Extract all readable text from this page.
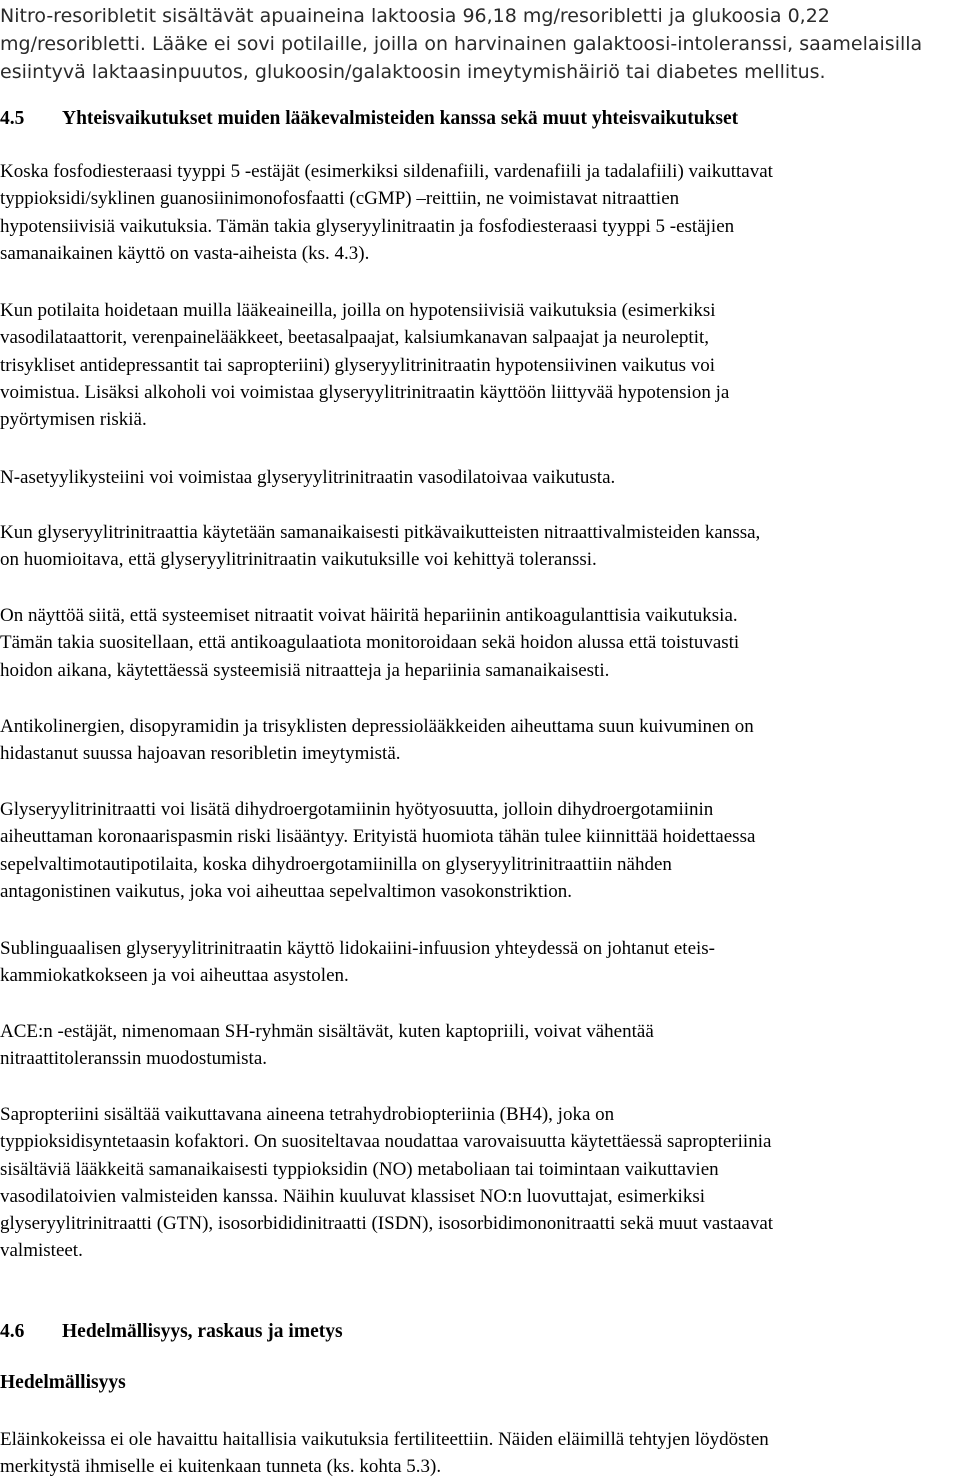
Nitro-resoribletit sisältävät apuaineina laktoosia 96,18 mg/resoribletti ja glukoosia 0,22
mg/resoribletti. Lääke ei sovi potilaille, joilla on harvinainen galaktoosi-intoleranssi, saamelaisilla
esiintyvä laktaasinpuutos, glukoosin/galaktoosin imeytymishäiriö tai diabetes mellitus.
4.5 Yhteisvaikutukset muiden lääkevalmisteiden kanssa sekä muut yhteisvaikutukset
Koska fosfodiesteraasi tyyppi 5 -estäjät (esimerkiksi sildenafiili, vardenafiili ja tadalafiili) vaikuttavat
typpioksidi/syklinen guanosiinimonofosfaatti (cGMP) –reittiin, ne voimistavat nitraattien
hypotensiivisiä vaikutuksia. Tämän takia glyseryylinitraatin ja fosfodiesteraasi tyyppi 5 -estäjien
samanaikainen käyttö on vasta-aiheista (ks. 4.3).
Kun potilaita hoidetaan muilla lääkeaineilla, joilla on hypotensiivisiä vaikutuksia (esimerkiksi
vasodilataattorit, verenpainelääkkeet, beetasalpaajat, kalsiumkanavan salpaajat ja neuroleptit,
trisykliset antidepressantit tai sapropteriini) glyseryylitrinitraatin hypotensiivinen vaikutus voi
voimistua. Lisäksi alkoholi voi voimistaa glyseryylitrinitraatin käyttöön liittyvää hypotension ja
pyörtymisen riskiä.
N-asetyylikysteiini voi voimistaa glyseryylitrinitraatin vasodilatoivaa vaikutusta.
Kun glyseryylitrinitraattia käytetään samanaikaisesti pitkävaikutteisten nitraattivalmisteiden kanssa,
on huomioitava, että glyseryylitrinitraatin vaikutuksille voi kehittyä toleranssi.
On näyttöä siitä, että systeemiset nitraatit voivat häiritä hepariinin antikoagulanttisia vaikutuksia.
Tämän takia suositellaan, että antikoagulaatiota monitoroidaan sekä hoidon alussa että toistuvasti
hoidon aikana, käytettäessä systeemisiä nitraatteja ja hepariinia samanaikaisesti.
Antikolinergien, disopyramidin ja trisyklisten depressiolääkkeiden aiheuttama suun kuivuminen on
hidastanut suussa hajoavan resoribletin imeytymistä.
Glyseryylitrinitraatti voi lisätä dihydroergotamiinin hyötyosuutta, jolloin dihydroergotamiinin
aiheuttaman koronaarispasmin riski lisääntyy. Erityistä huomiota tähän tulee kiinnittää hoidettaessa
sepelvaltimotautipotilaita, koska dihydroergotamiinilla on glyseryylitrinitraattiin nähden
antagonistinen vaikutus, joka voi aiheuttaa sepelvaltimon vasokonstriktion.
Sublinguaalisen glyseryylitrinitraatin käyttö lidokaiini-infuusion yhteydessä on johtanut eteis-
kammiokatkokseen ja voi aiheuttaa asystolen.
ACE:n -estäjät, nimenomaan SH-ryhmän sisältävät, kuten kaptopriili, voivat vähentää
nitraattitoleranssin muodostumista.
Sapropteriini sisältää vaikuttavana aineena tetrahydrobiopteriinia (BH4), joka on
typpioksidisyntetaasin kofaktori. On suositeltavaa noudattaa varovaisuutta käytettäessä sapropteriinia
sisältäviä lääkkeitä samanaikaisesti typpioksidin (NO) metaboliaan tai toimintaan vaikuttavien
vasodilatoivien valmisteiden kanssa. Näihin kuuluvat klassiset NO:n luovuttajat, esimerkiksi
glyseryylitrinitraatti (GTN), isosorbididinitraatti (ISDN), isosorbidimononitraatti sekä muut vastaavat
valmisteet.
4.6 Hedelmällisyys, raskaus ja imetys
Hedelmällisyys
Eläinkokeissa ei ole havaittu haitallisia vaikutuksia fertiliteettiin. Näiden eläimillä tehtyjen löydösten
merkitystä ihmiselle ei kuitenkaan tunneta (ks. kohta 5.3).
